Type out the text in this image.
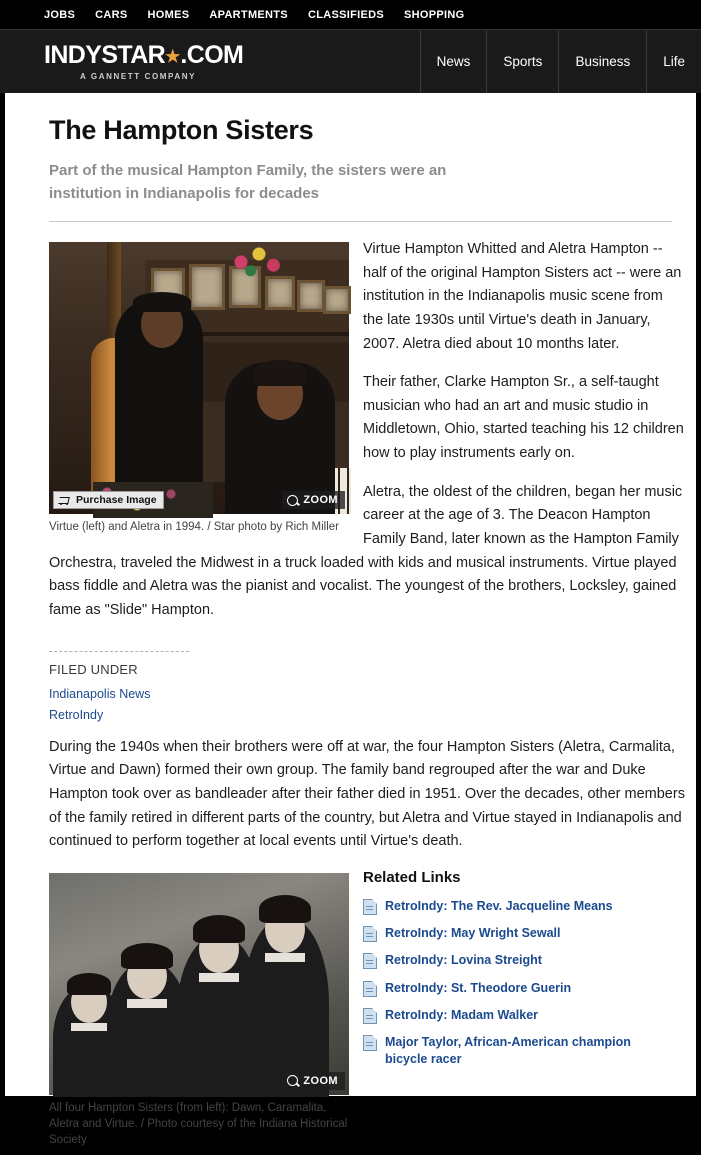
JOBS CARS HOMES APARTMENTS CLASSIFIEDS SHOPPING
INDYSTAR★.COM
A GANNETT COMPANY
News	Sports	Business	Life
The Hampton Sisters
Part of the musical Hampton Family, the sisters were an institution in Indianapolis for decades
Purchase Image	ZOOM
Virtue (left) and Aletra in 1994. / Star photo by Rich Miller

Virtue Hampton Whitted and Aletra Hampton -- half of the original Hampton Sisters act -- were an institution in the Indianapolis music scene from the late 1930s until Virtue's death in January, 2007. Aletra died about 10 months later.

Their father, Clarke Hampton Sr., a self-taught musician who had an art and music studio in Middletown, Ohio, started teaching his 12 children how to play instruments early on.

Aletra, the oldest of the children, began her music career at the age of 3. The Deacon Hampton Family Band, later known as the Hampton Family Orchestra, traveled the Midwest in a truck loaded with kids and musical instruments. Virtue played bass fiddle and Aletra was the pianist and vocalist. The youngest of the brothers, Locksley, gained fame as "Slide" Hampton.

FILED UNDER
Indianapolis News
RetroIndy

During the 1940s when their brothers were off at war, the four Hampton Sisters (Aletra, Carmalita, Virtue and Dawn) formed their own group. The family band regrouped after the war and Duke Hampton took over as bandleader after their father died in 1951. Over the decades, other members of the family retired in different parts of the country, but Aletra and Virtue stayed in Indianapolis and continued to perform together at local events until Virtue's death.

ZOOM
All four Hampton Sisters (from left): Dawn, Caramalita, Aletra and Virtue. / Photo courtesy of the Indiana Historical Society
Related Links
RetroIndy: The Rev. Jacqueline Means
RetroIndy: May Wright Sewall
RetroIndy: Lovina Streight
RetroIndy: St. Theodore Guerin
RetroIndy: Madam Walker
Major Taylor, African-American champion bicycle racer
